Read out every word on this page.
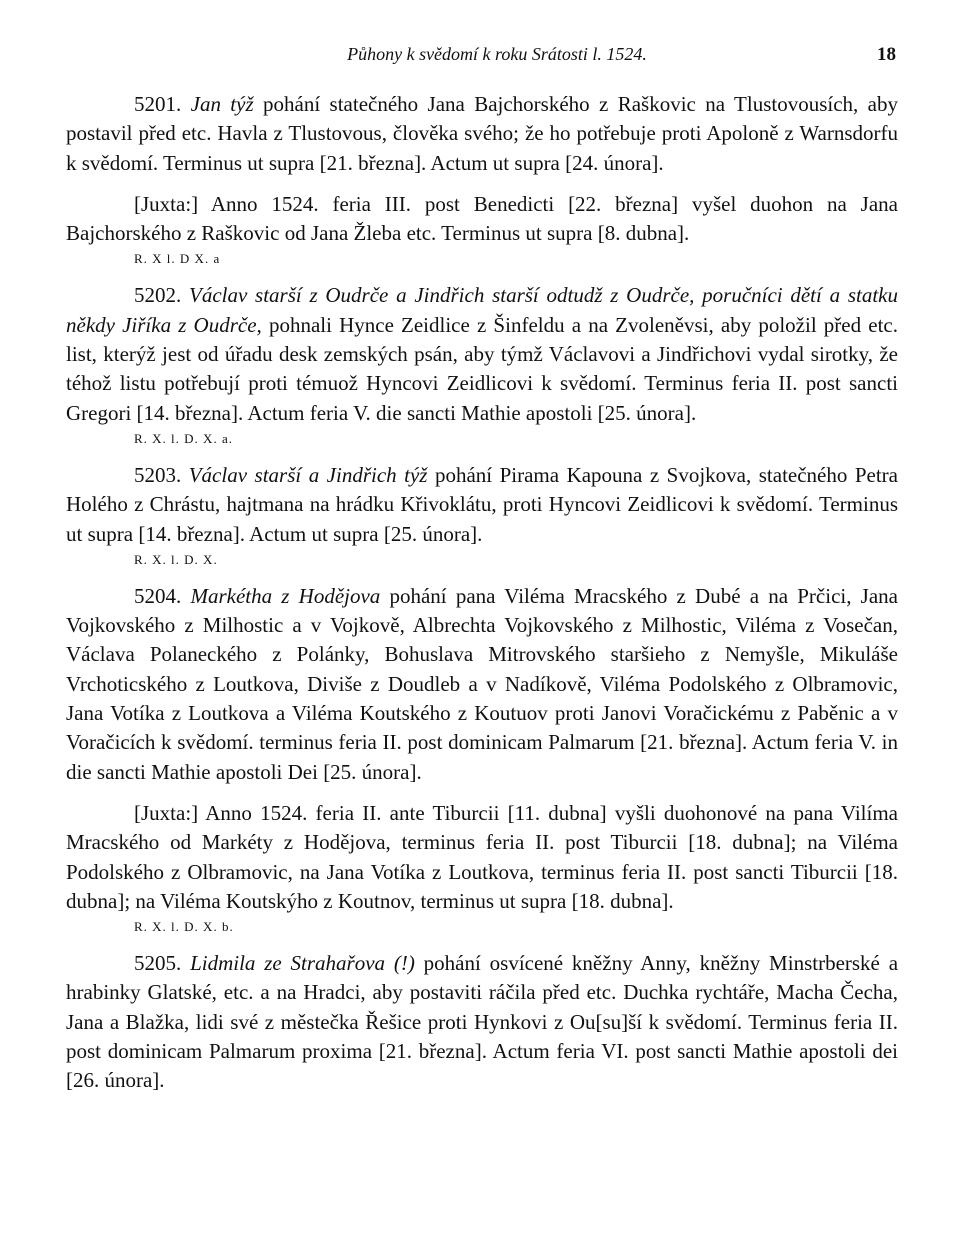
Půhony k svědomí k roku Srátosti l. 1524.	18

5201. Jan týž pohání statečného Jana Bajchorského z Raškovic na Tlustovousích, aby postavil před etc. Havla z Tlustovous, člověka svého; že ho potřebuje proti Apoloně z Warnsdorfu k svědomí. Terminus ut supra [21. března]. Actum ut supra [24. února].

[Juxta:] Anno 1524. feria III. post Benedicti [22. března] vyšel duohon na Jana Bajchorského z Raškovic od Jana Žleba etc. Terminus ut supra [8. dubna].

R. X l. D X. a

5202. Václav starší z Oudrče a Jindřich starší odtudž z Oudrče, poručníci dětí a statku někdy Jiříka z Oudrče, pohnali Hynce Zeidlice z Šinfeldu a na Zvoleněvsi, aby položil před etc. list, kterýž jest od úřadu desk zemských psán, aby týmž Václavovi a Jindřichovi vydal sirotky, že téhož listu potřebují proti témuož Hyncovi Zeidlicovi k svědomí. Terminus feria II. post sancti Gregori [14. března]. Actum feria V. die sancti Mathie apostoli [25. února].

R. X. l. D. X. a.

5203. Václav starší a Jindřich týž pohání Pirama Kapouna z Svojkova, statečného Petra Holého z Chrástu, hajtmana na hrádku Křivoklátu, proti Hyncovi Zeidlicovi k svědomí. Terminus ut supra [14. března]. Actum ut supra [25. února].

R. X. l. D. X.

5204. Markétha z Hodějova pohání pana Viléma Mracského z Dubé a na Prčici, Jana Vojkovského z Milhostic a v Vojkově, Albrechta Vojkovského z Milhostic, Viléma z Vosečan, Václava Polaneckého z Polánky, Bohuslava Mitrovského staršieho z Nemyšle, Mikuláše Vrchoticského z Loutkova, Diviše z Doudleb a v Nadíkově, Viléma Podolského z Olbramovic, Jana Votíka z Loutkova a Viléma Koutského z Koutuov proti Janovi Voračickému z Paběnic a v Voračicích k svědomí. terminus feria II. post dominicam Palmarum [21. března]. Actum feria V. in die sancti Mathie apostoli Dei [25. února].

[Juxta:] Anno 1524. feria II. ante Tiburcii [11. dubna] vyšli duohonové na pana Vilíma Mracského od Markéty z Hodějova, terminus feria II. post Tiburcii [18. dubna]; na Viléma Podolského z Olbramovic, na Jana Votíka z Loutkova, terminus feria II. post sancti Tiburcii [18. dubna]; na Viléma Koutskýho z Koutnov, terminus ut supra [18. dubna].

R. X. l. D. X. b.

5205. Lidmila ze Strahařova (!) pohání osvícené kněžny Anny, kněžny Minstrberské a hrabinky Glatské, etc. a na Hradci, aby postaviti ráčila před etc. Duchka rychtáře, Macha Čecha, Jana a Blažka, lidi své z městečka Řešice proti Hynkovi z Ou[su]ší k svědomí. Terminus feria II. post dominicam Palmarum proxima [21. března]. Actum feria VI. post sancti Mathie apostoli dei [26. února].
